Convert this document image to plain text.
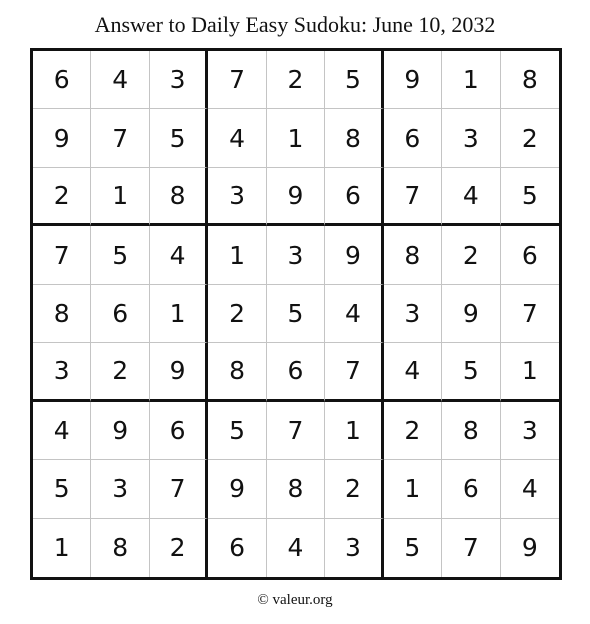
Answer to Daily Easy Sudoku: June 10, 2032
6	4	3	7	2	5	9	1	8
9	7	5	4	1	8	6	3	2
2	1	8	3	9	6	7	4	5
7	5	4	1	3	9	8	2	6
8	6	1	2	5	4	3	9	7
3	2	9	8	6	7	4	5	1
4	9	6	5	7	1	2	8	3
5	3	7	9	8	2	1	6	4
1	8	2	6	4	3	5	7	9
© valeur.org
